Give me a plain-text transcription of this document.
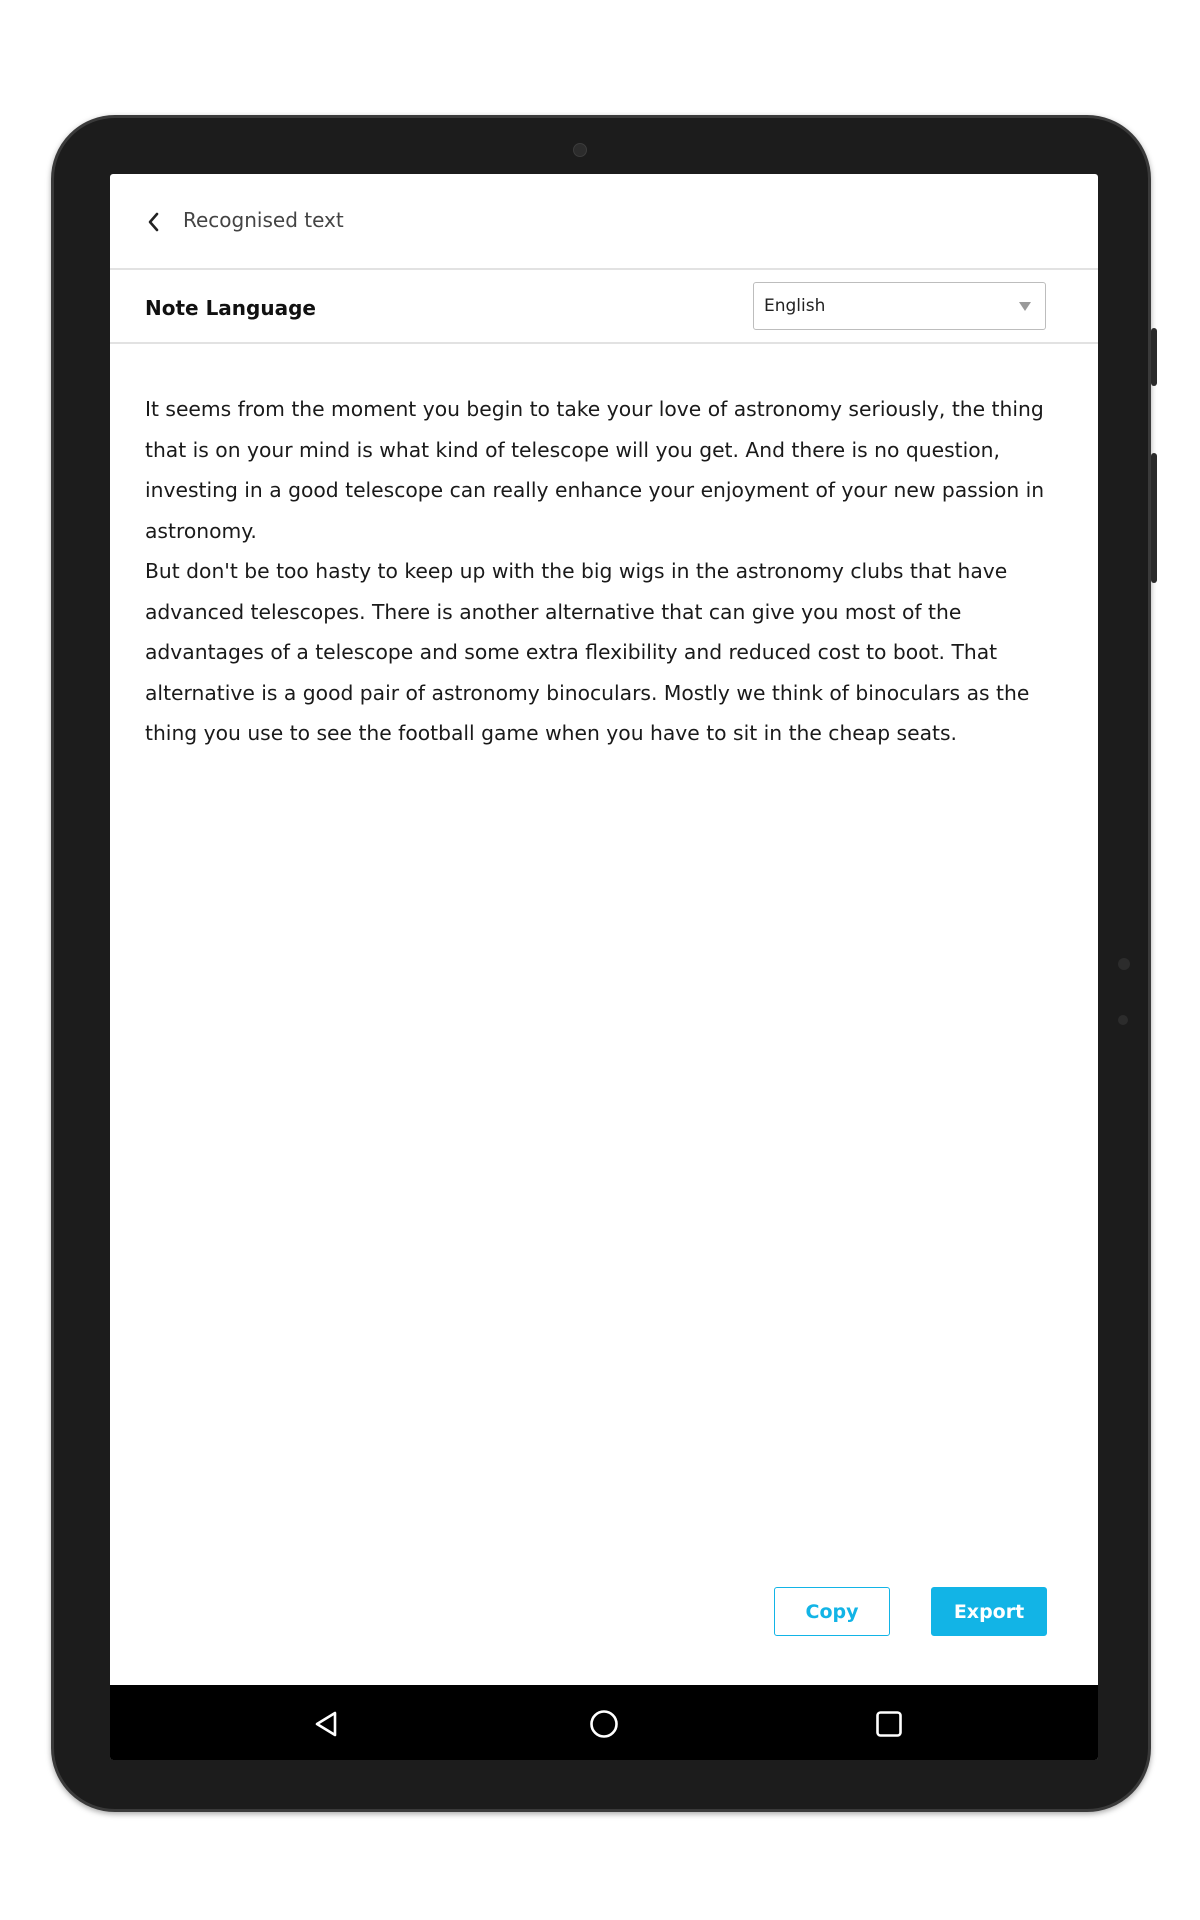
Recognised text
Note Language	English

It seems from the moment you begin to take your love of astronomy seriously, the thing that is on your mind is what kind of telescope will you get. And there is no question, investing in a good telescope can really enhance your enjoyment of your new passion in astronomy.

But don't be too hasty to keep up with the big wigs in the astronomy clubs that have advanced telescopes. There is another alternative that can give you most of the advantages of a telescope and some extra flexibility and reduced cost to boot. That alternative is a good pair of astronomy binoculars. Mostly we think of binoculars as the thing you use to see the football game when you have to sit in the cheap seats.

Copy	Export
